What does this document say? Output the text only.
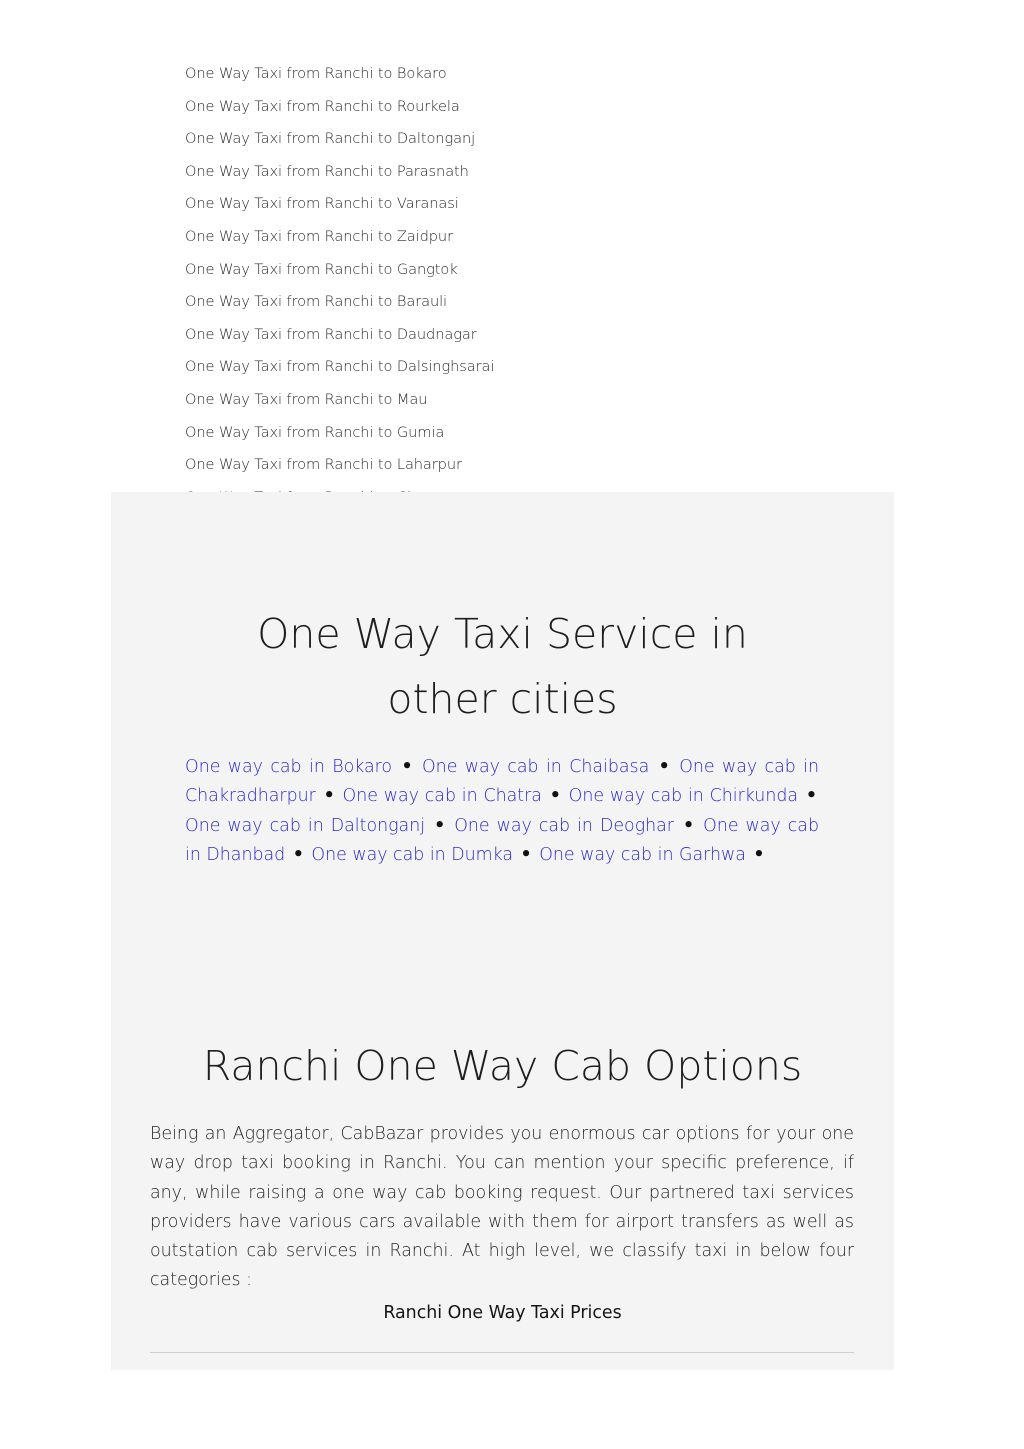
One Way Taxi from Ranchi to Bokaro
One Way Taxi from Ranchi to Rourkela
One Way Taxi from Ranchi to Daltonganj
One Way Taxi from Ranchi to Parasnath
One Way Taxi from Ranchi to Varanasi
One Way Taxi from Ranchi to Zaidpur
One Way Taxi from Ranchi to Gangtok
One Way Taxi from Ranchi to Barauli
One Way Taxi from Ranchi to Daudnagar
One Way Taxi from Ranchi to Dalsinghsarai
One Way Taxi from Ranchi to Mau
One Way Taxi from Ranchi to Gumia
One Way Taxi from Ranchi to Laharpur
One Way Taxi Service in other cities

One way cab in Bokaro • One way cab in Chaibasa • One way cab in Chakradharpur • One way cab in Chatra • One way cab in Chirkunda • One way cab in Daltonganj • One way cab in Deoghar • One way cab in Dhanbad • One way cab in Dumka • One way cab in Garhwa •

Ranchi One Way Cab Options

Being an Aggregator, CabBazar provides you enormous car options for your one way drop taxi booking in Ranchi. You can mention your specific preference, if any, while raising a one way cab booking request. Our partnered taxi services providers have various cars available with them for airport transfers as well as outstation cab services in Ranchi. At high level, we classify taxi in below four categories :

Ranchi One Way Taxi Prices
